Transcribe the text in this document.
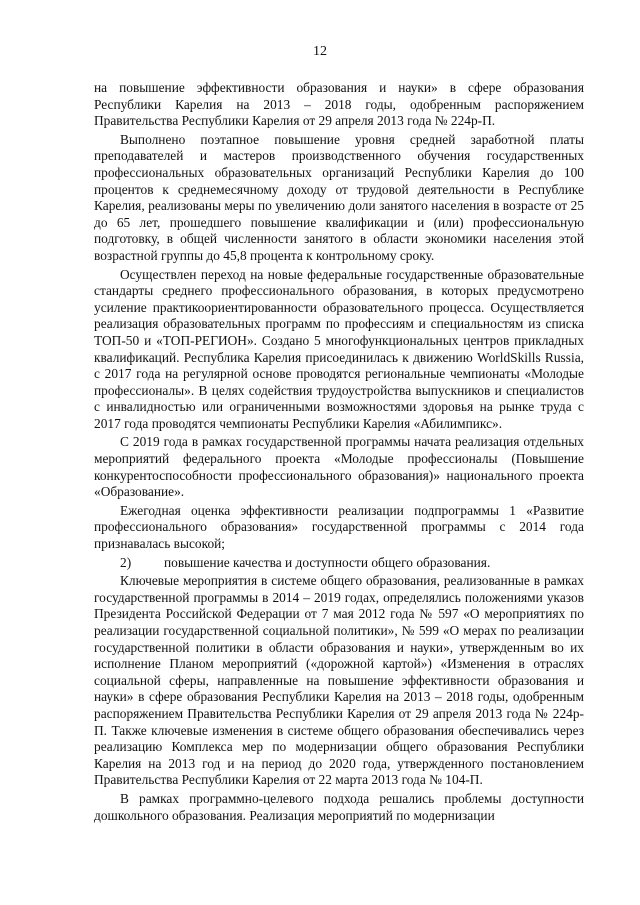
12

на повышение эффективности образования и науки» в сфере образования Республики Карелия на 2013 – 2018 годы, одобренным распоряжением Правительства Республики Карелия от 29 апреля 2013 года № 224р-П.

Выполнено поэтапное повышение уровня средней заработной платы преподавателей и мастеров производственного обучения государственных профессиональных образовательных организаций Республики Карелия до 100 процентов к среднемесячному доходу от трудовой деятельности в Республике Карелия, реализованы меры по увеличению доли занятого населения в возрасте от 25 до 65 лет, прошедшего повышение квалификации и (или) профессиональную подготовку, в общей численности занятого в области экономики населения этой возрастной группы до 45,8 процента к контрольному сроку.

Осуществлен переход на новые федеральные государственные образовательные стандарты среднего профессионального образования, в которых предусмотрено усиление практикоориентированности образовательного процесса. Осуществляется реализация образовательных программ по профессиям и специальностям из списка ТОП-50 и «ТОП-РЕГИОН». Создано 5 многофункциональных центров прикладных квалификаций. Республика Карелия присоединилась к движению WorldSkills Russia, с 2017 года на регулярной основе проводятся региональные чемпионаты «Молодые профессионалы». В целях содействия трудоустройства выпускников и специалистов с инвалидностью или ограниченными возможностями здоровья на рынке труда с 2017 года проводятся чемпионаты Республики Карелия «Абилимпикс».

С 2019 года в рамках государственной программы начата реализация отдельных мероприятий федерального проекта «Молодые профессионалы (Повышение конкурентоспособности профессионального образования)» национального проекта «Образование».

Ежегодная оценка эффективности реализации подпрограммы 1 «Развитие профессионального образования» государственной программы с 2014 года признавалась высокой;

2) повышение качества и доступности общего образования.

Ключевые мероприятия в системе общего образования, реализованные в рамках государственной программы в 2014 – 2019 годах, определялись положениями указов Президента Российской Федерации от 7 мая 2012 года № 597 «О мероприятиях по реализации государственной социальной политики», № 599 «О мерах по реализации государственной политики в области образования и науки», утвержденным во их исполнение Планом мероприятий («дорожной картой») «Изменения в отраслях социальной сферы, направленные на повышение эффективности образования и науки» в сфере образования Республики Карелия на 2013 – 2018 годы, одобренным распоряжением Правительства Республики Карелия от 29 апреля 2013 года № 224р-П. Также ключевые изменения в системе общего образования обеспечивались через реализацию Комплекса мер по модернизации общего образования Республики Карелия на 2013 год и на период до 2020 года, утвержденного постановлением Правительства Республики Карелия от 22 марта 2013 года № 104-П.

В рамках программно-целевого подхода решались проблемы доступности дошкольного образования. Реализация мероприятий по модернизации
